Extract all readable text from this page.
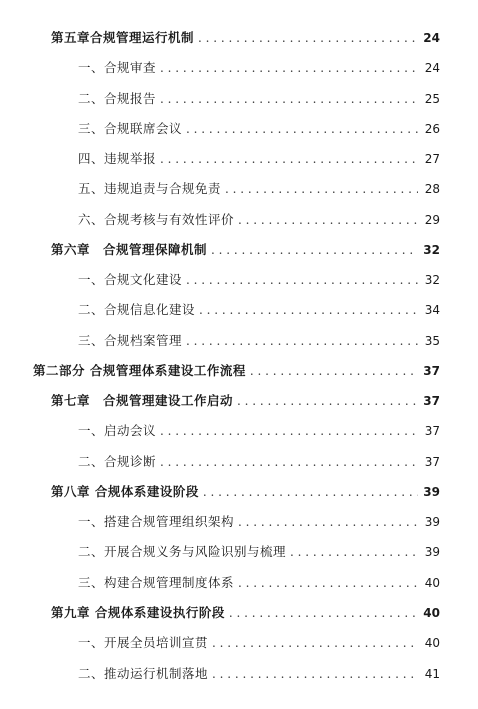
第五章合规管理运行机制 . . .	24
一、合规审查 . . .	24
二、合规报告 . . .	25
三、合规联席会议 . . .	26
四、违规举报 . . .	27
五、违规追责与合规免责 . . .	28
六、合规考核与有效性评价 . . .	29
第六章　合规管理保障机制 . . .	32
一、合规文化建设 . . .	32
二、合规信息化建设 . . .	34
三、合规档案管理 . . .	35
第二部分 合规管理体系建设工作流程 . . .	37
第七章　合规管理建设工作启动 . . .	37
一、启动会议 . . .	37
二、合规诊断 . . .	37
第八章 合规体系建设阶段 . . .	39
一、搭建合规管理组织架构 . . .	39
二、开展合规义务与风险识别与梳理 . . .	39
三、构建合规管理制度体系 . . .	40
第九章 合规体系建设执行阶段 . . .	40
一、开展全员培训宣贯 . . .	40
二、推动运行机制落地 . . .	41
